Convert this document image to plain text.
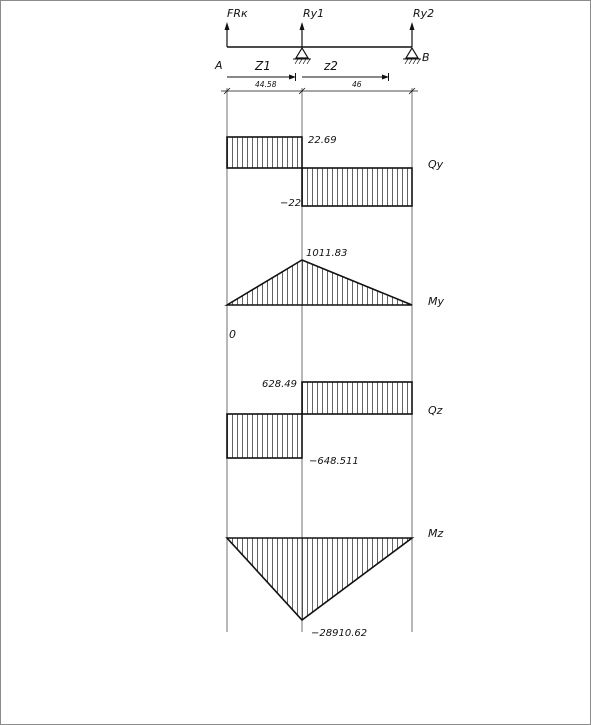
FRк	Ry1	Ry2
A
B
Z1	z2
44.58	46
22.69
−22
Qy
1011.83
0
My
628.49
−648.511
Qz
−28910.62
Mz
